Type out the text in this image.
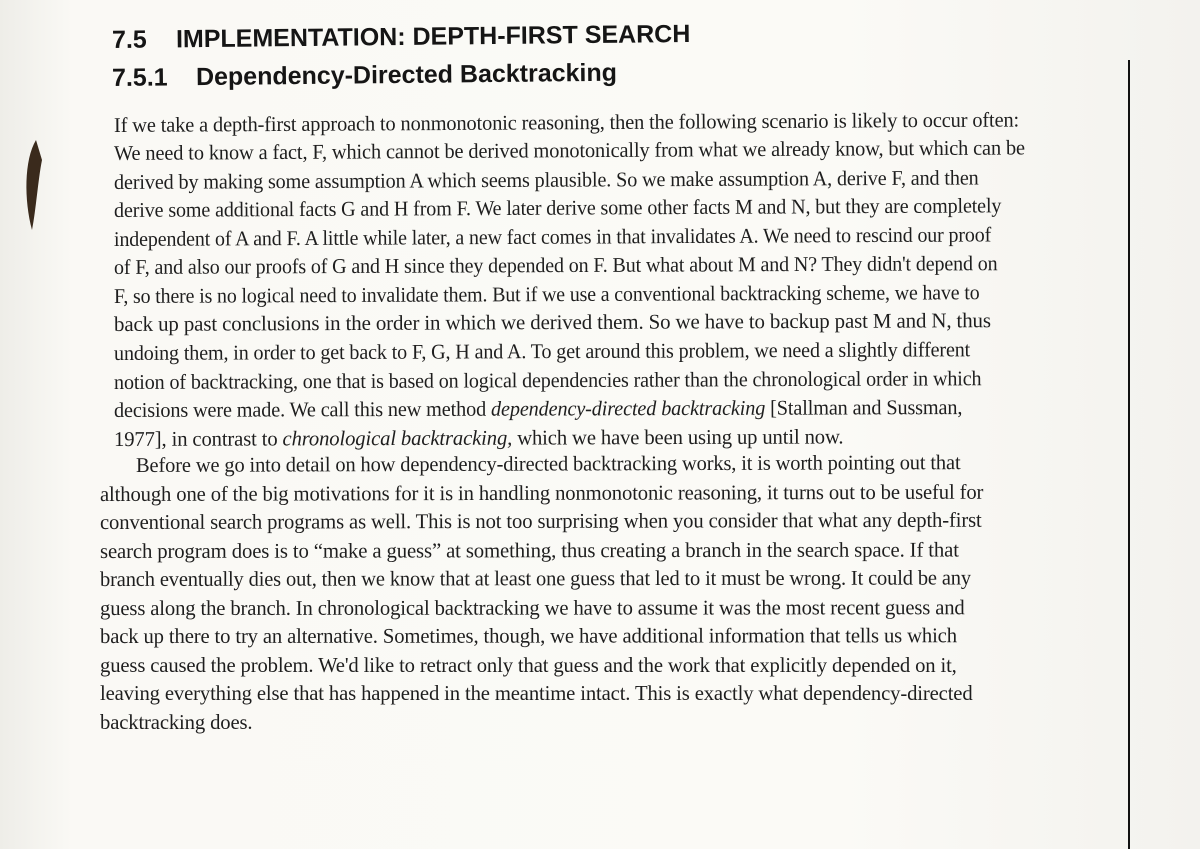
7.5 IMPLEMENTATION: DEPTH-FIRST SEARCH
7.5.1 Dependency-Directed Backtracking
If we take a depth-first approach to nonmonotonic reasoning, then the following scenario is likely to occur often:
We need to know a fact, F, which cannot be derived monotonically from what we already know, but which can be
derived by making some assumption A which seems plausible. So we make assumption A, derive F, and then
derive some additional facts G and H from F. We later derive some other facts M and N, but they are completely
independent of A and F. A little while later, a new fact comes in that invalidates A. We need to rescind our proof
of F, and also our proofs of G and H since they depended on F. But what about M and N? They didn't depend on
F, so there is no logical need to invalidate them. But if we use a conventional backtracking scheme, we have to
back up past conclusions in the order in which we derived them. So we have to backup past M and N, thus
undoing them, in order to get back to F, G, H and A. To get around this problem, we need a slightly different
notion of backtracking, one that is based on logical dependencies rather than the chronological order in which
decisions were made. We call this new method dependency-directed backtracking [Stallman and Sussman,
1977], in contrast to chronological backtracking, which we have been using up until now.
Before we go into detail on how dependency-directed backtracking works, it is worth pointing out that
although one of the big motivations for it is in handling nonmonotonic reasoning, it turns out to be useful for
conventional search programs as well. This is not too surprising when you consider that what any depth-first
search program does is to “make a guess” at something, thus creating a branch in the search space. If that
branch eventually dies out, then we know that at least one guess that led to it must be wrong. It could be any
guess along the branch. In chronological backtracking we have to assume it was the most recent guess and
back up there to try an alternative. Sometimes, though, we have additional information that tells us which
guess caused the problem. We'd like to retract only that guess and the work that explicitly depended on it,
leaving everything else that has happened in the meantime intact. This is exactly what dependency-directed
backtracking does.
